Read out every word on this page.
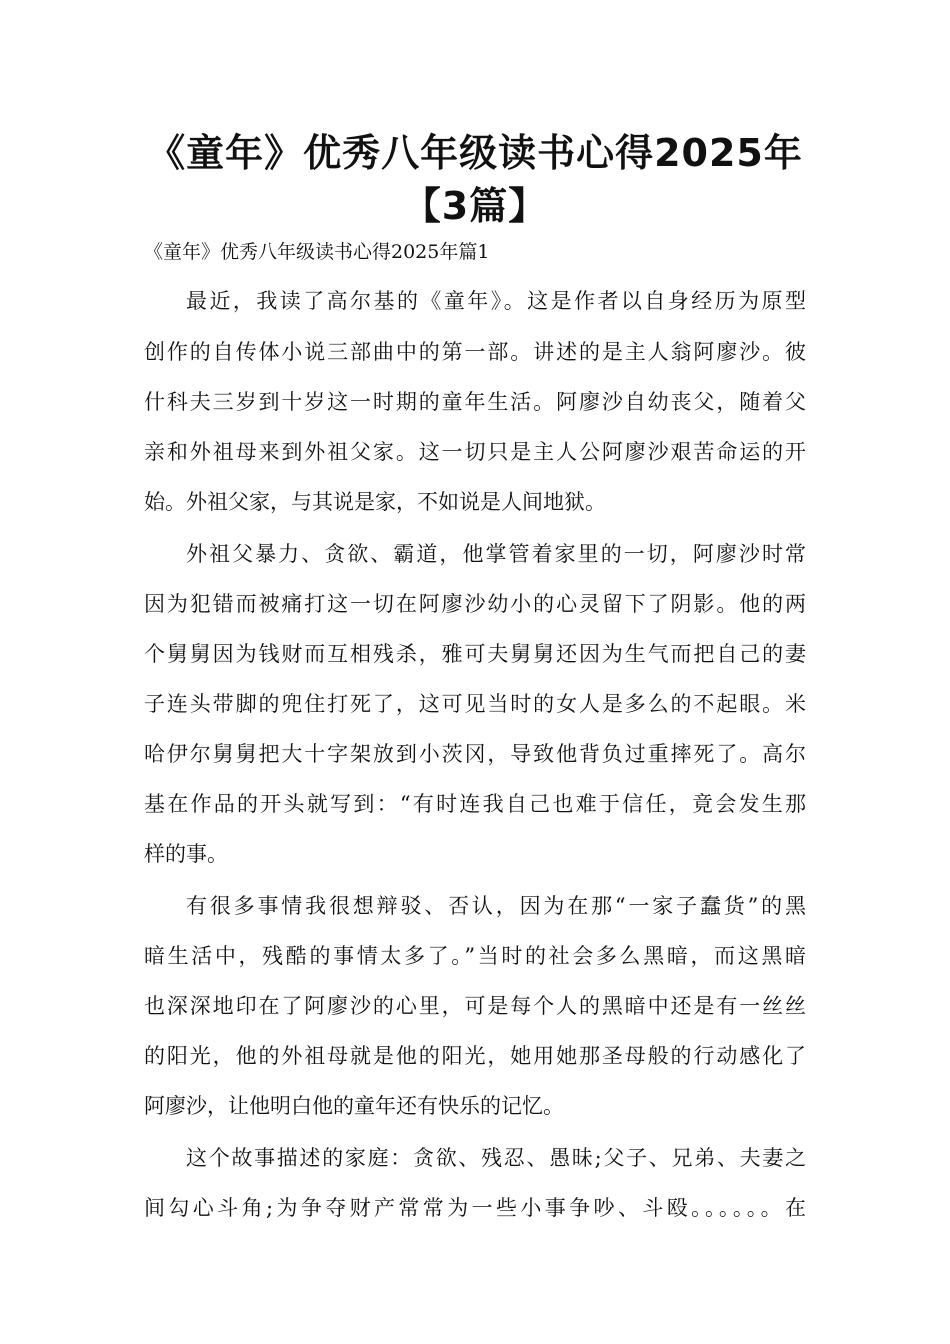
《童年》优秀八年级读书心得2025年
【3篇】
《童年》优秀八年级读书心得2025年篇1
最近，我读了高尔基的《童年》。这是作者以自身经历为原型
创作的自传体小说三部曲中的第一部。讲述的是主人翁阿廖沙。彼
什科夫三岁到十岁这一时期的童年生活。阿廖沙自幼丧父，随着父
亲和外祖母来到外祖父家。这一切只是主人公阿廖沙艰苦命运的开
始。外祖父家，与其说是家，不如说是人间地狱。
外祖父暴力、贪欲、霸道，他掌管着家里的一切，阿廖沙时常
因为犯错而被痛打这一切在阿廖沙幼小的心灵留下了阴影。他的两
个舅舅因为钱财而互相残杀，雅可夫舅舅还因为生气而把自己的妻
子连头带脚的兜住打死了，这可见当时的女人是多么的不起眼。米
哈伊尔舅舅把大十字架放到小茨冈，导致他背负过重摔死了。高尔
基在作品的开头就写到：“有时连我自己也难于信任，竟会发生那
样的事。
有很多事情我很想辩驳、否认，因为在那“一家子蠢货”的黑
暗生活中，残酷的事情太多了。”当时的社会多么黑暗，而这黑暗
也深深地印在了阿廖沙的心里，可是每个人的黑暗中还是有一丝丝
的阳光，他的外祖母就是他的阳光，她用她那圣母般的行动感化了
阿廖沙，让他明白他的童年还有快乐的记忆。
这个故事描述的家庭：贪欲、残忍、愚昧;父子、兄弟、夫妻之
间勾心斗角;为争夺财产常常为一些小事争吵、斗殴。。。。。。在
